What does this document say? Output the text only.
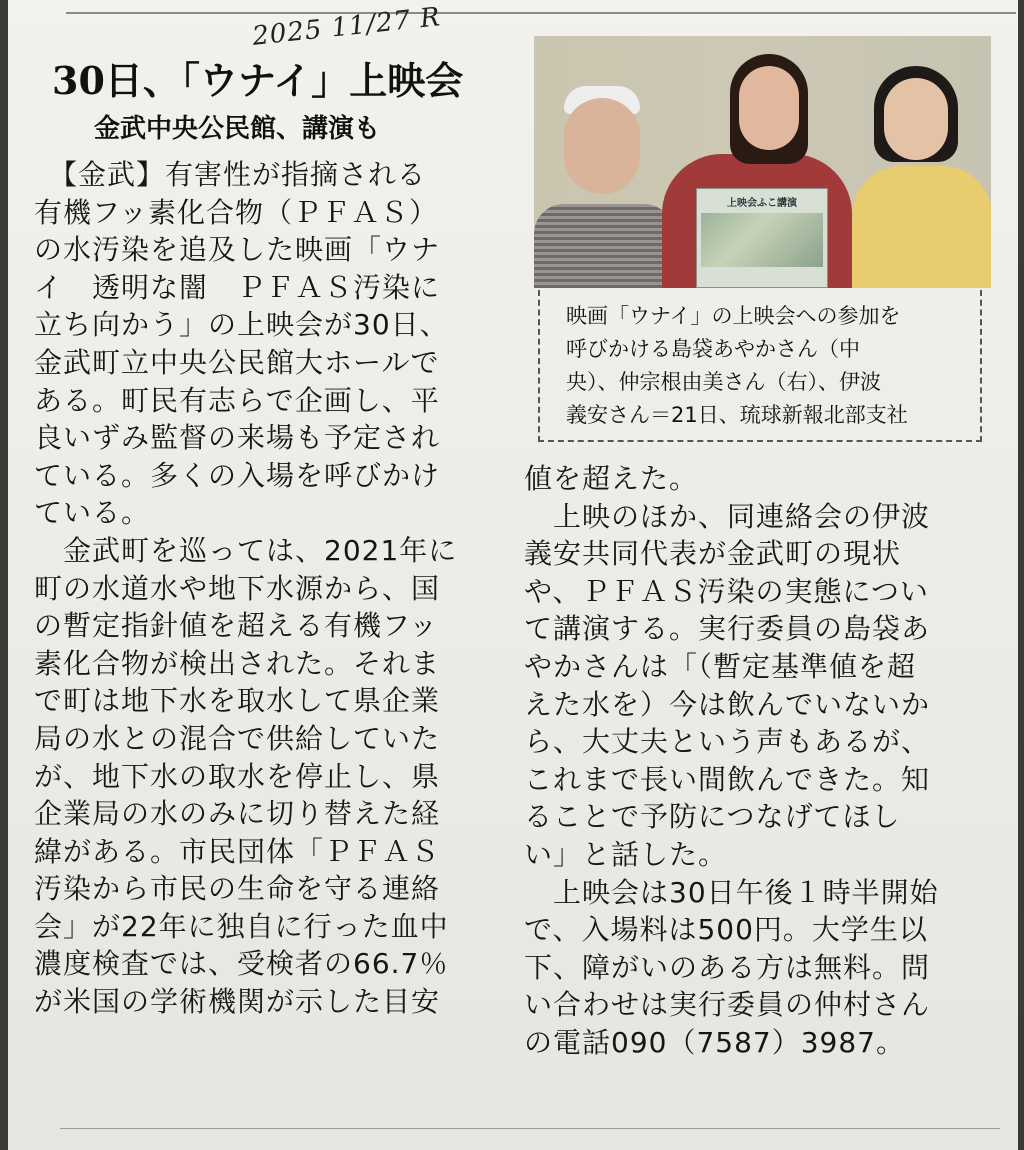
2025 11/27 R
30日、「ウナイ」上映会
金武中央公民館、講演も

　【金武】有害性が指摘される

有機フッ素化合物（ＰＦＡＳ）

の水汚染を追及した映画「ウナ

イ　透明な闇　ＰＦＡＳ汚染に

立ち向かう」の上映会が30日、

金武町立中央公民館大ホールで

ある。町民有志らで企画し、平

良いずみ監督の来場も予定され

ている。多くの入場を呼びかけ

ている。

　金武町を巡っては、2021年に

町の水道水や地下水源から、国

の暫定指針値を超える有機フッ

素化合物が検出された。それま

で町は地下水を取水して県企業

局の水との混合で供給していた

が、地下水の取水を停止し、県

企業局の水のみに切り替えた経

緯がある。市民団体「ＰＦＡＳ

汚染から市民の生命を守る連絡

会」が22年に独自に行った血中

濃度検査では、受検者の66.7％

が米国の学術機関が示した目安

上映会ふこ講演

映画「ウナイ」の上映会への参加を

呼びかける島袋あやかさん（中

央）、仲宗根由美さん（右）、伊波

義安さん＝21日、琉球新報北部支社

値を超えた。

　上映のほか、同連絡会の伊波

義安共同代表が金武町の現状

や、ＰＦＡＳ汚染の実態につい

て講演する。実行委員の島袋あ

やかさんは「（暫定基準値を超

えた水を）今は飲んでいないか

ら、大丈夫という声もあるが、

これまで長い間飲んできた。知

ることで予防につなげてほし

い」と話した。

　上映会は30日午後１時半開始

で、入場料は500円。大学生以

下、障がいのある方は無料。問

い合わせは実行委員の仲村さん

の電話090（7587）3987。
